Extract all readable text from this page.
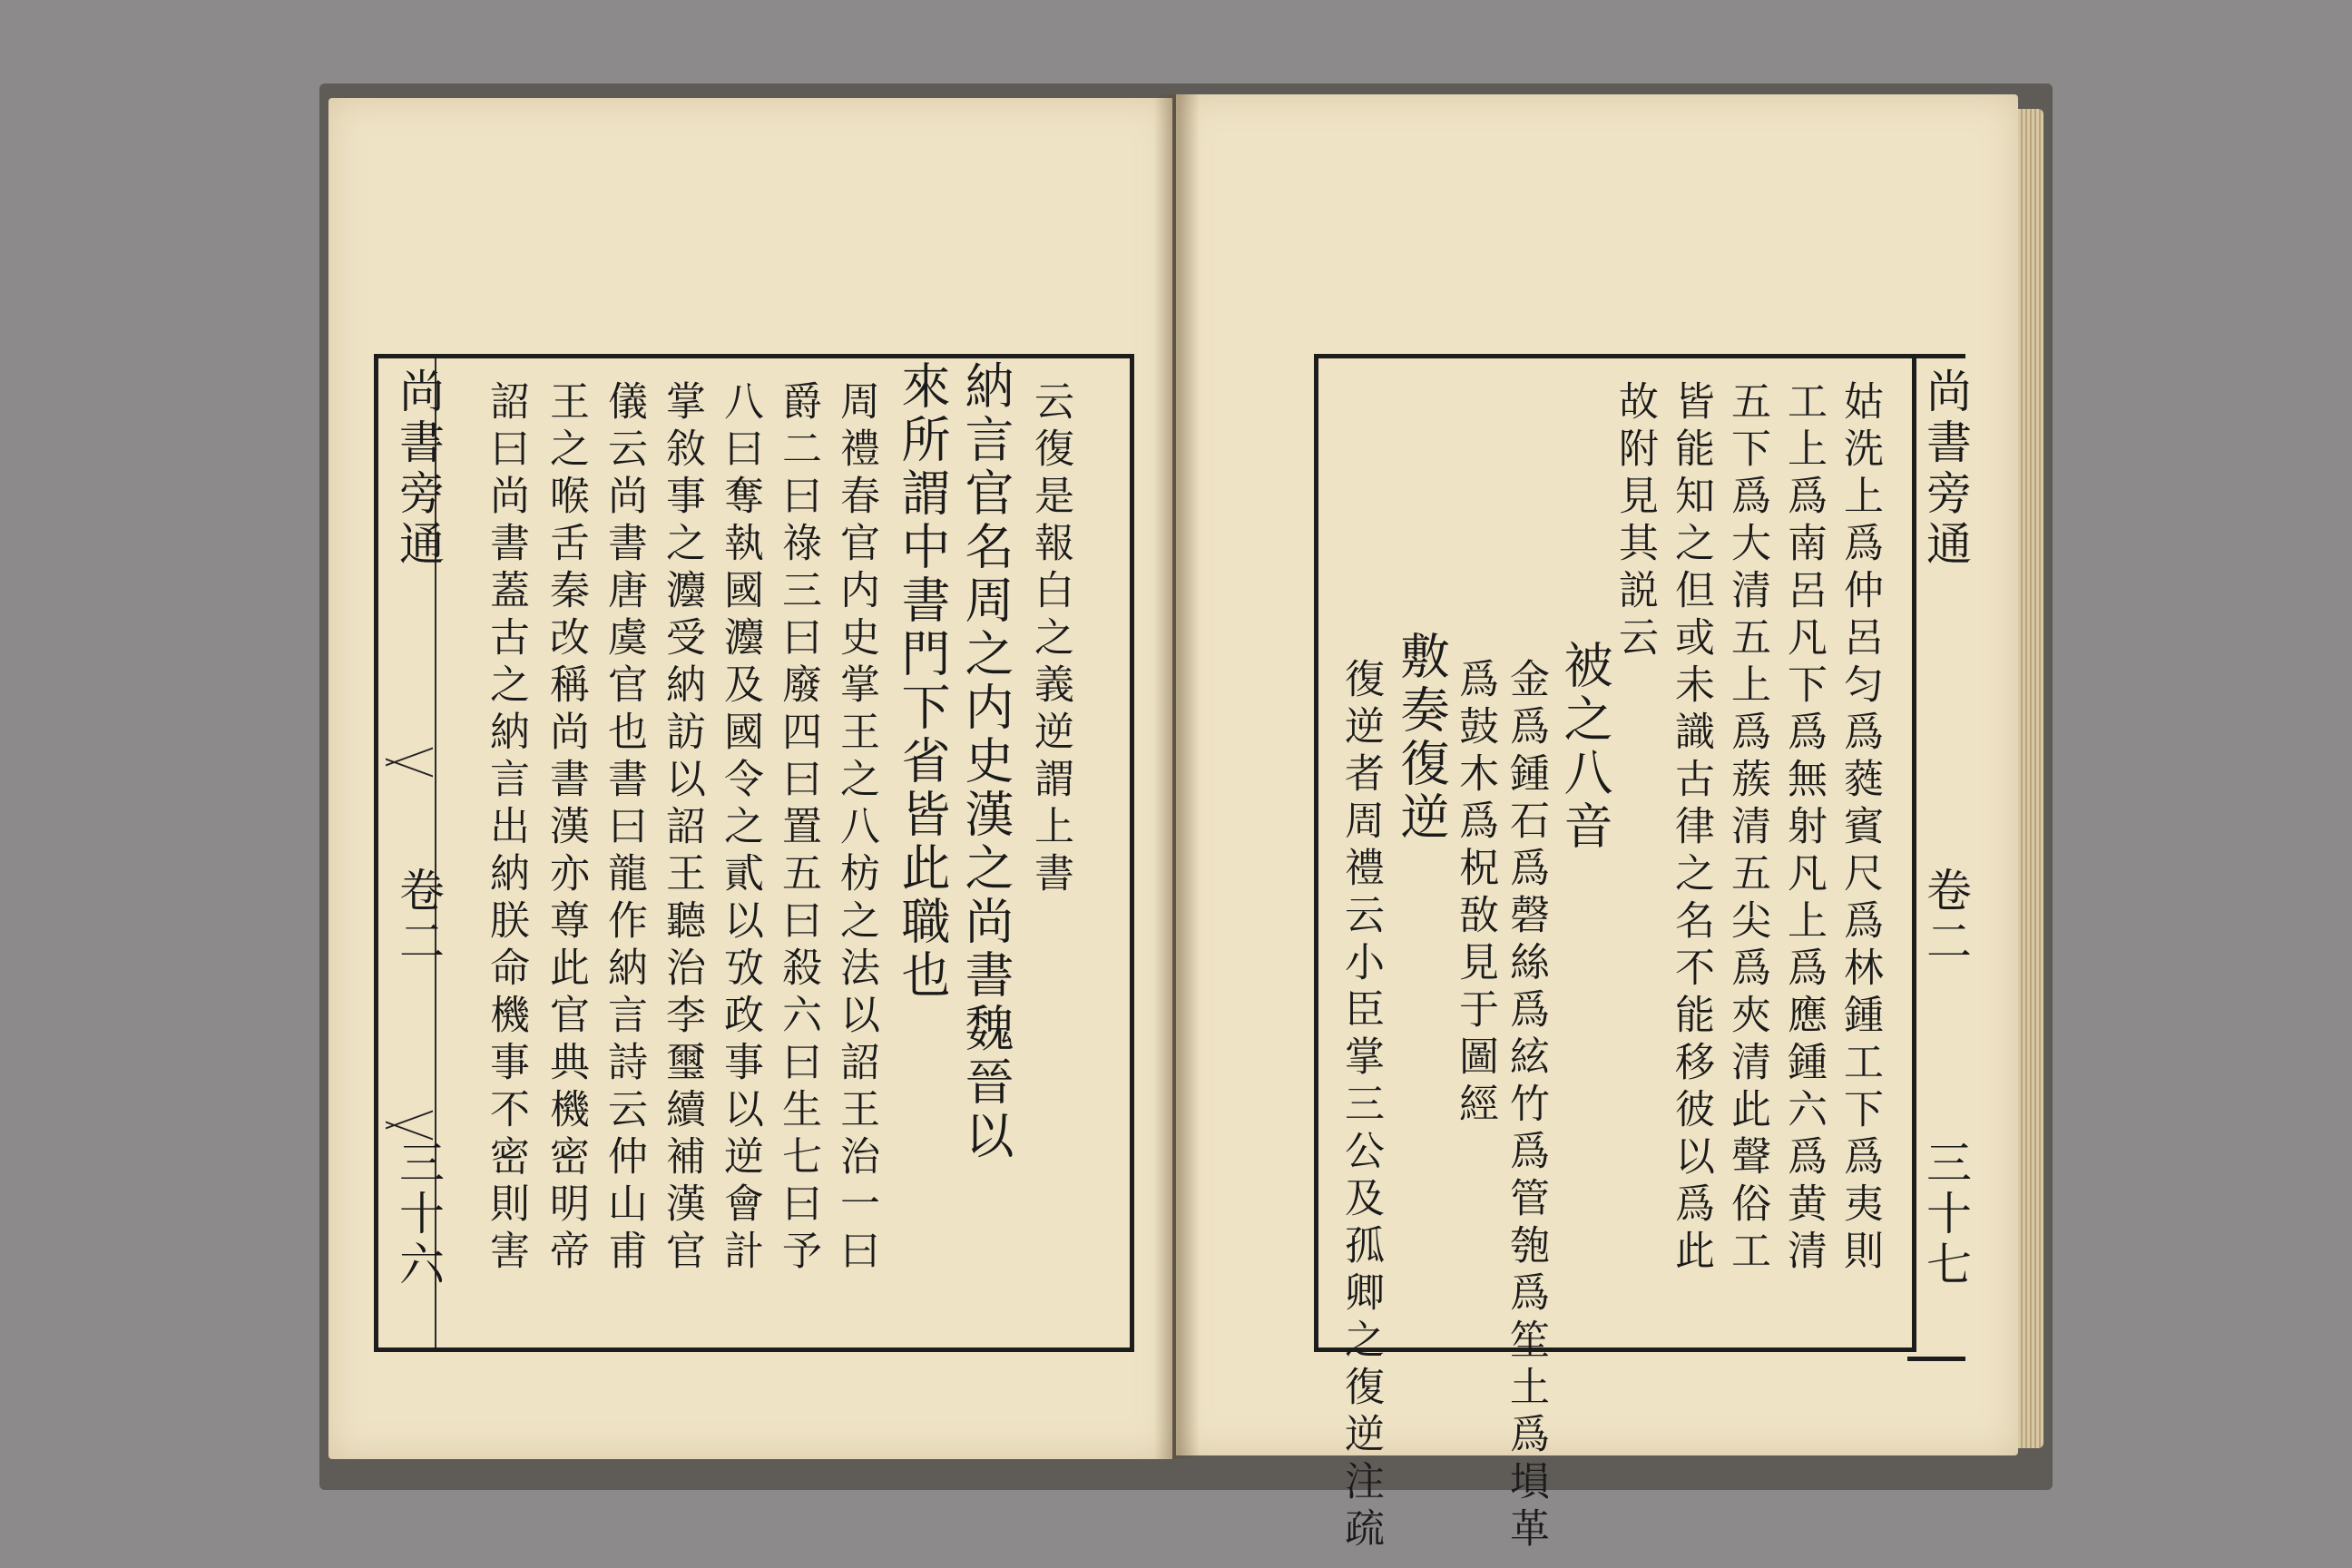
尚書旁通
卷二
三十六
云復是報白之義逆謂上書
納言官名周之内史漢之尚書魏晉以
來所謂中書門下省皆此職也
周禮春官内史掌王之八枋之法以詔王治一曰
爵二曰祿三曰廢四曰置五曰殺六曰生七曰予
八曰奪執國灋及國令之貳以攷政事以逆會計
掌敘事之灋受納訪以詔王聽治李璽續補漢官
儀云尚書唐虞官也書曰龍作納言詩云仲山甫
王之喉舌秦改稱尚書漢亦尊此官典機密明帝
詔曰尚書蓋古之納言出納朕命機事不密則害	姑洗上爲仲呂匀爲蕤賓尺爲林鍾工下爲夷則
工上爲南呂凡下爲無射凡上爲應鍾六爲黄清
五下爲大清五上爲蔟清五尖爲夾清此聲俗工
皆能知之但或未識古律之名不能移彼以爲此
故附見其説云
被之八音
金爲鍾石爲磬絲爲絃竹爲管匏爲笙土爲塤革
爲鼓木爲柷敔見于圖經
敷奏復逆
復逆者周禮云小臣掌三公及孤卿之復逆注疏
尚書旁通
卷二
三十七
